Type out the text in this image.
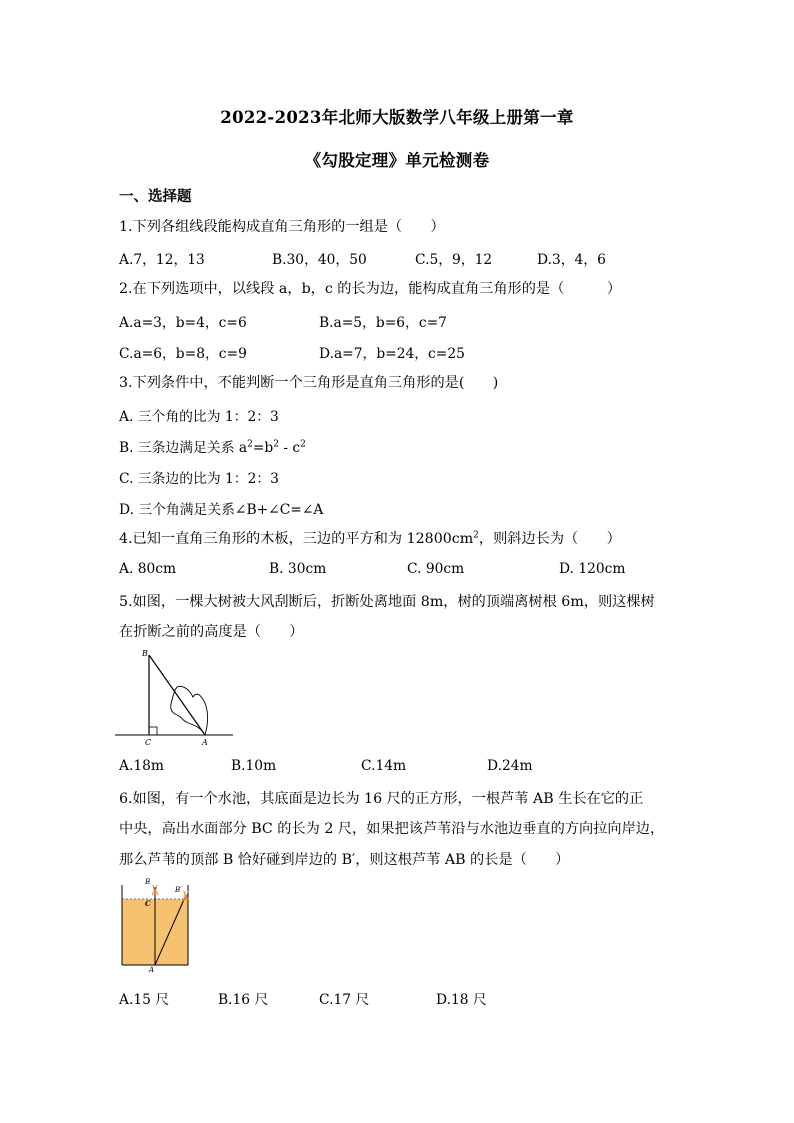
2022-2023年北师大版数学八年级上册第一章
《勾股定理》单元检测卷
一、选择题
1.下列各组线段能构成直角三角形的一组是（　　）
A.7，12，13	B.30，40，50	C.5，9，12	D.3，4，6
2.在下列选项中，以线段 a，b，c 的长为边，能构成直角三角形的是（　　　）
A.a=3，b=4，c=6	B.a=5，b=6，c=7
C.a=6，b=8，c=9	D.a=7，b=24，c=25
3.下列条件中，不能判断一个三角形是直角三角形的是(　　)
A. 三个角的比为 1：2：3
B. 三条边满足关系 $a^2=b^2 - c^2$
C. 三条边的比为 1：2：3
D. 三个角满足关系∠B+∠C=∠A
4.已知一直角三角形的木板，三边的平方和为 $12800cm^2$，则斜边长为（　　）
A. 80cm	B. 30cm	C. 90cm	D. 120cm
5.如图，一棵大树被大风刮断后，折断处离地面 8m，树的顶端离树根 6m，则这棵树
在折断之前的高度是（　　）
B
C	A
A.18m	B.10m	C.14m	D.24m
6.如图，有一个水池，其底面是边长为 16 尺的正方形，一根芦苇 AB 生长在它的正
中央，高出水面部分 BC 的长为 2 尺，如果把该芦苇沿与水池边垂直的方向拉向岸边，
那么芦苇的顶部 B 恰好碰到岸边的 B′，则这根芦苇 AB 的长是（　　）
B
B′
C
A
A.15 尺	B.16 尺	C.17 尺	D.18 尺
